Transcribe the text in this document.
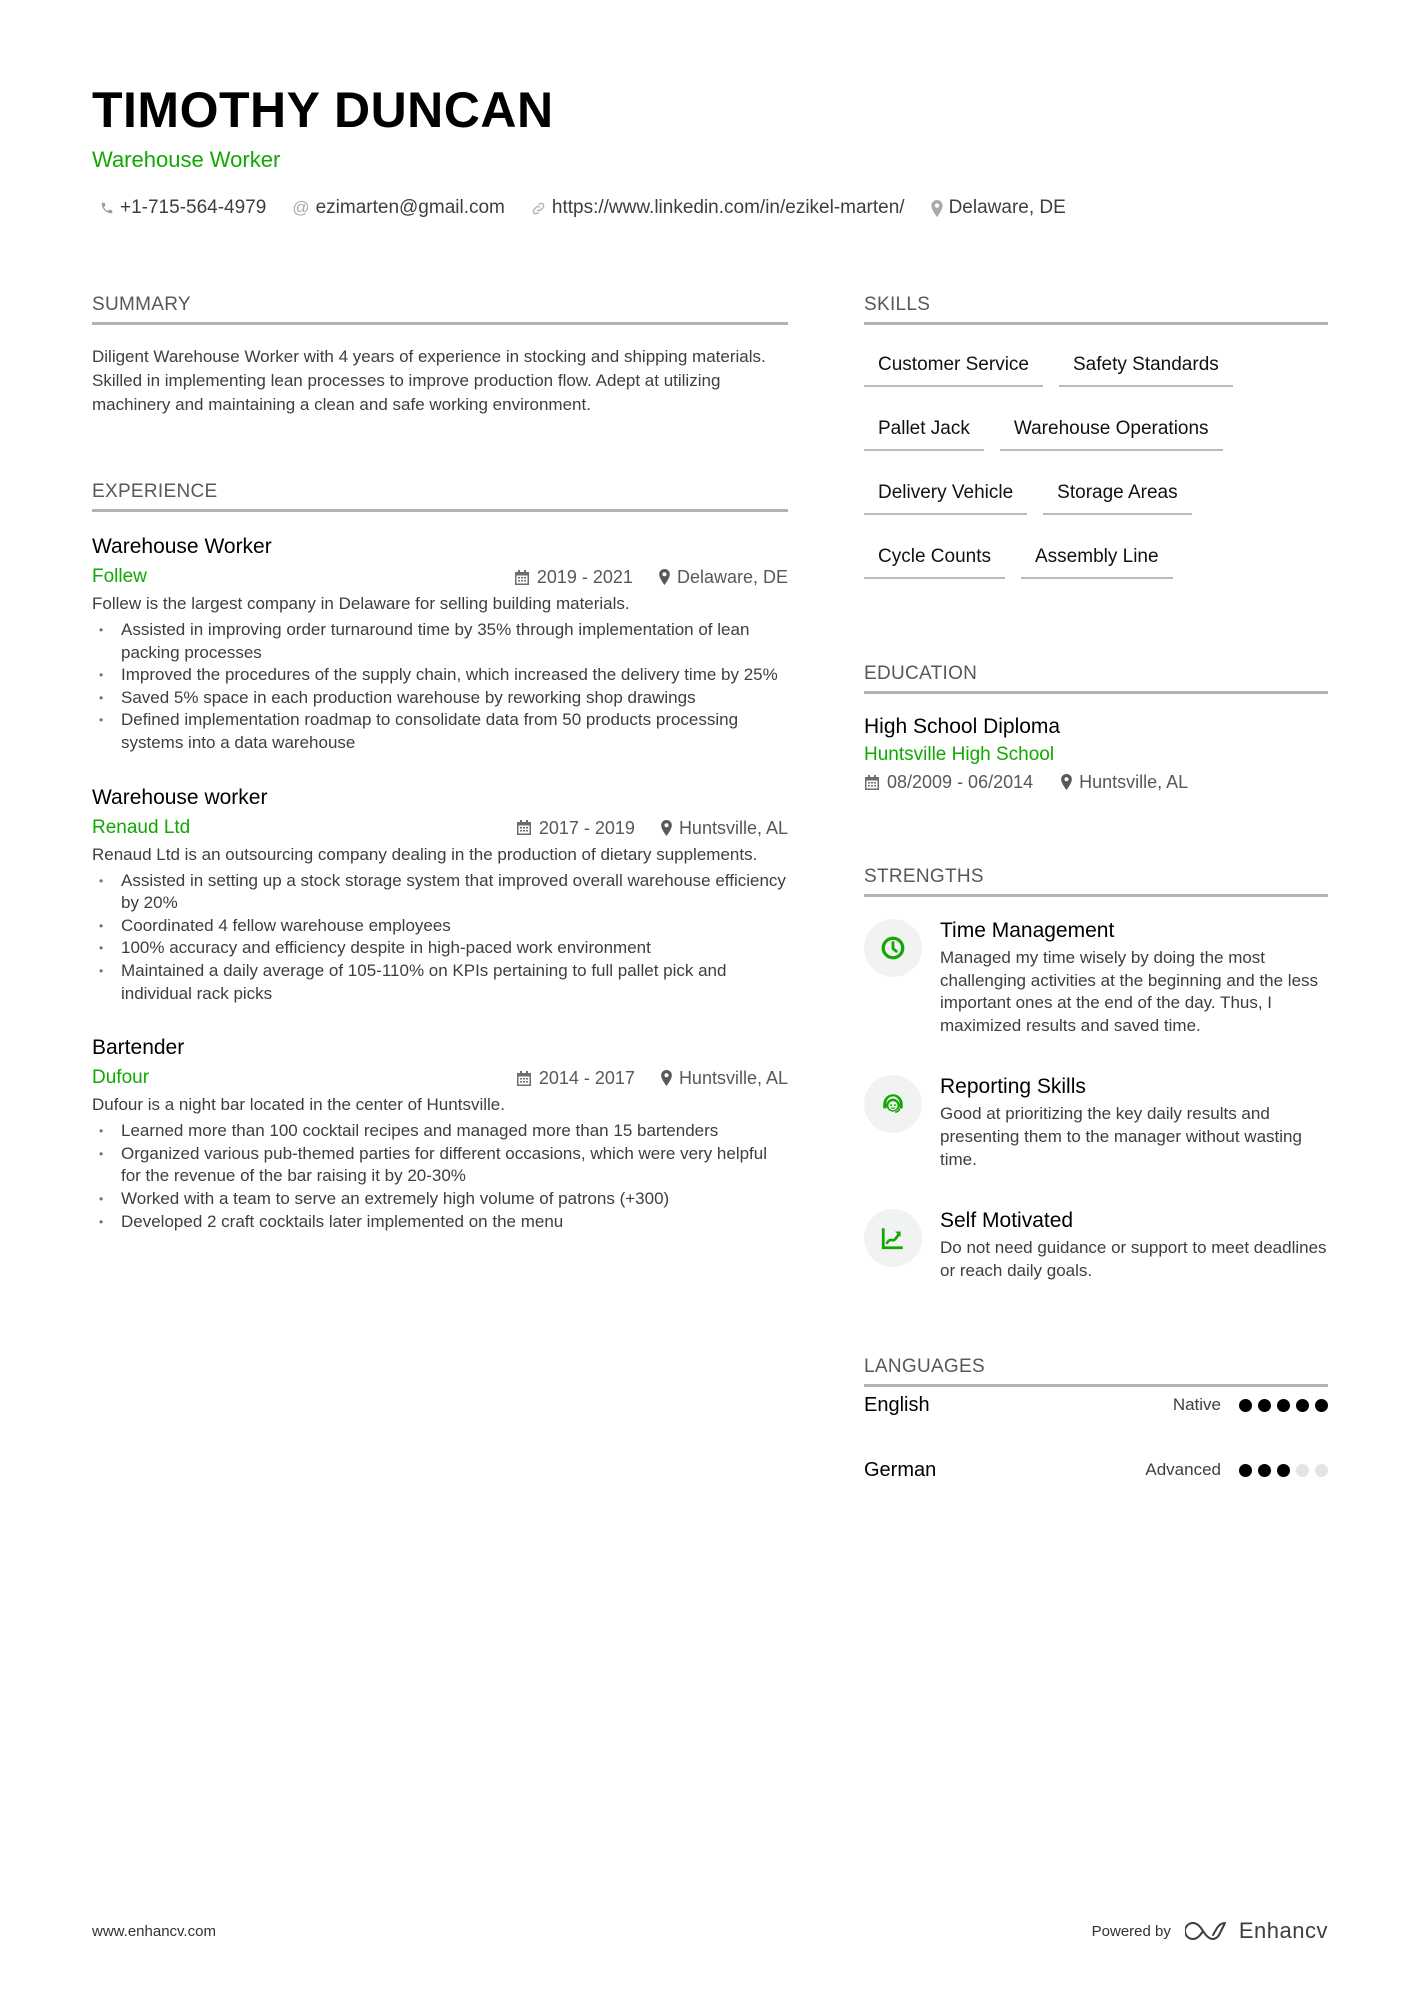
TIMOTHY DUNCAN
Warehouse Worker
+1-715-564-4979 @ ezimarten@gmail.com https://www.linkedin.com/in/ezikel-marten/ Delaware, DE
SUMMARY

Diligent Warehouse Worker with 4 years of experience in stocking and shipping materials. Skilled in implementing lean processes to improve production flow. Adept at utilizing machinery and maintaining a clean and safe working environment.

EXPERIENCE
Warehouse Worker
Follew	2019 - 2021 Delaware, DE
Follew is the largest company in Delaware for selling building materials.
• Assisted in improving order turnaround time by 35% through implementation of lean packing processes
• Improved the procedures of the supply chain, which increased the delivery time by 25%
• Saved 5% space in each production warehouse by reworking shop drawings
• Defined implementation roadmap to consolidate data from 50 products processing systems into a data warehouse
Warehouse worker
Renaud Ltd	2017 - 2019 Huntsville, AL
Renaud Ltd is an outsourcing company dealing in the production of dietary supplements.
• Assisted in setting up a stock storage system that improved overall warehouse efficiency by 20%
• Coordinated 4 fellow warehouse employees
• 100% accuracy and efficiency despite in high-paced work environment
• Maintained a daily average of 105-110% on KPIs pertaining to full pallet pick and individual rack picks
Bartender
Dufour	2014 - 2017 Huntsville, AL
Dufour is a night bar located in the center of Huntsville.
• Learned more than 100 cocktail recipes and managed more than 15 bartenders
• Organized various pub-themed parties for different occasions, which were very helpful for the revenue of the bar raising it by 20-30%
• Worked with a team to serve an extremely high volume of patrons (+300)
• Developed 2 craft cocktails later implemented on the menu
SKILLS
Customer Service	Safety Standards
Pallet Jack	Warehouse Operations
Delivery Vehicle	Storage Areas
Cycle Counts	Assembly Line
EDUCATION
High School Diploma
Huntsville High School
08/2009 - 06/2014	Huntsville, AL
STRENGTHS
Time Management
Managed my time wisely by doing the most challenging activities at the beginning and the less important ones at the end of the day. Thus, I maximized results and saved time.
Reporting Skills
Good at prioritizing the key daily results and presenting them to the manager without wasting time.
Self Motivated
Do not need guidance or support to meet deadlines or reach daily goals.
LANGUAGES
English	Native
German	Advanced
www.enhancv.com	Powered by	Enhancv
